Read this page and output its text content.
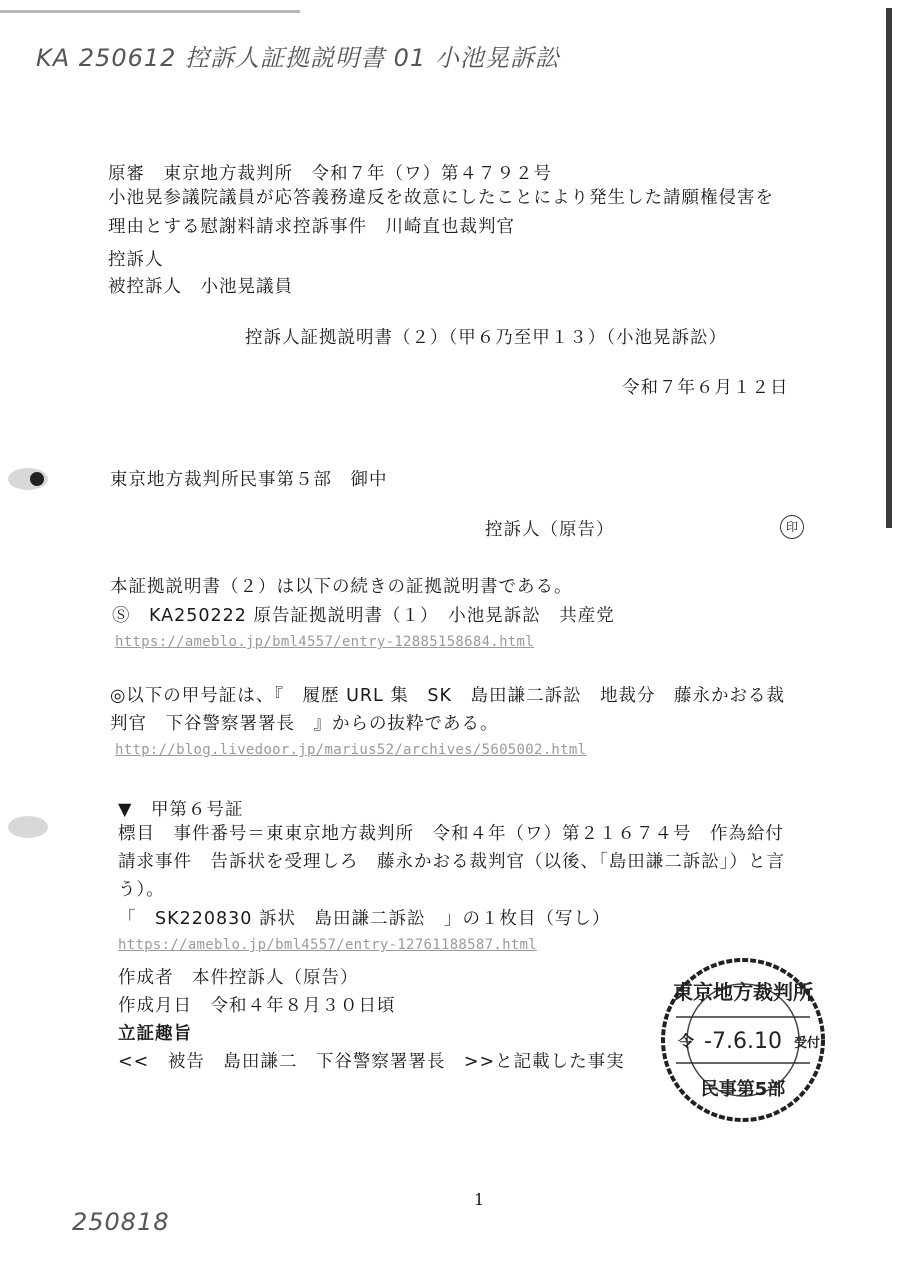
KA 250612 控訴人証拠説明書 01 小池晃訴訟
原審　東京地方裁判所　令和７年（ワ）第４７９２号
小池晃参議院議員が応答義務違反を故意にしたことにより発生した請願権侵害を
理由とする慰謝料請求控訴事件　川崎直也裁判官
控訴人
被控訴人　小池晃議員
控訴人証拠説明書（２）（甲６乃至甲１３）（小池晃訴訟）
令和７年６月１２日
東京地方裁判所民事第５部　御中
控訴人（原告）	印
本証拠説明書（２）は以下の続きの証拠説明書である。
Ⓢ　KA250222 原告証拠説明書（１）　小池晃訴訟　共産党
https://ameblo.jp/bml4557/entry-12885158684.html
◎以下の甲号証は、『　履歴 URL 集　SK　島田謙二訴訟　地裁分　藤永かおる裁
判官　下谷警察署署長　』からの抜粋である。
http://blog.livedoor.jp/marius52/archives/5605002.html
▼　甲第６号証
標目　事件番号＝東東京地方裁判所　令和４年（ワ）第２１６７４号　作為給付
請求事件　告訴状を受理しろ　藤永かおる裁判官（以後、「島田謙二訴訟」）と言
う）。
「　SK220830 訴状　島田謙二訴訟　」の１枚目（写し）
https://ameblo.jp/bml4557/entry-12761188587.html
作成者　本件控訴人（原告）
作成月日　令和４年８月３０日頃
立証趣旨
<<　被告　島田謙二　下谷警察署署長　>>と記載した事実
東京地方裁判所
-7.6.10
令	受付
民事第5部
1
250818
